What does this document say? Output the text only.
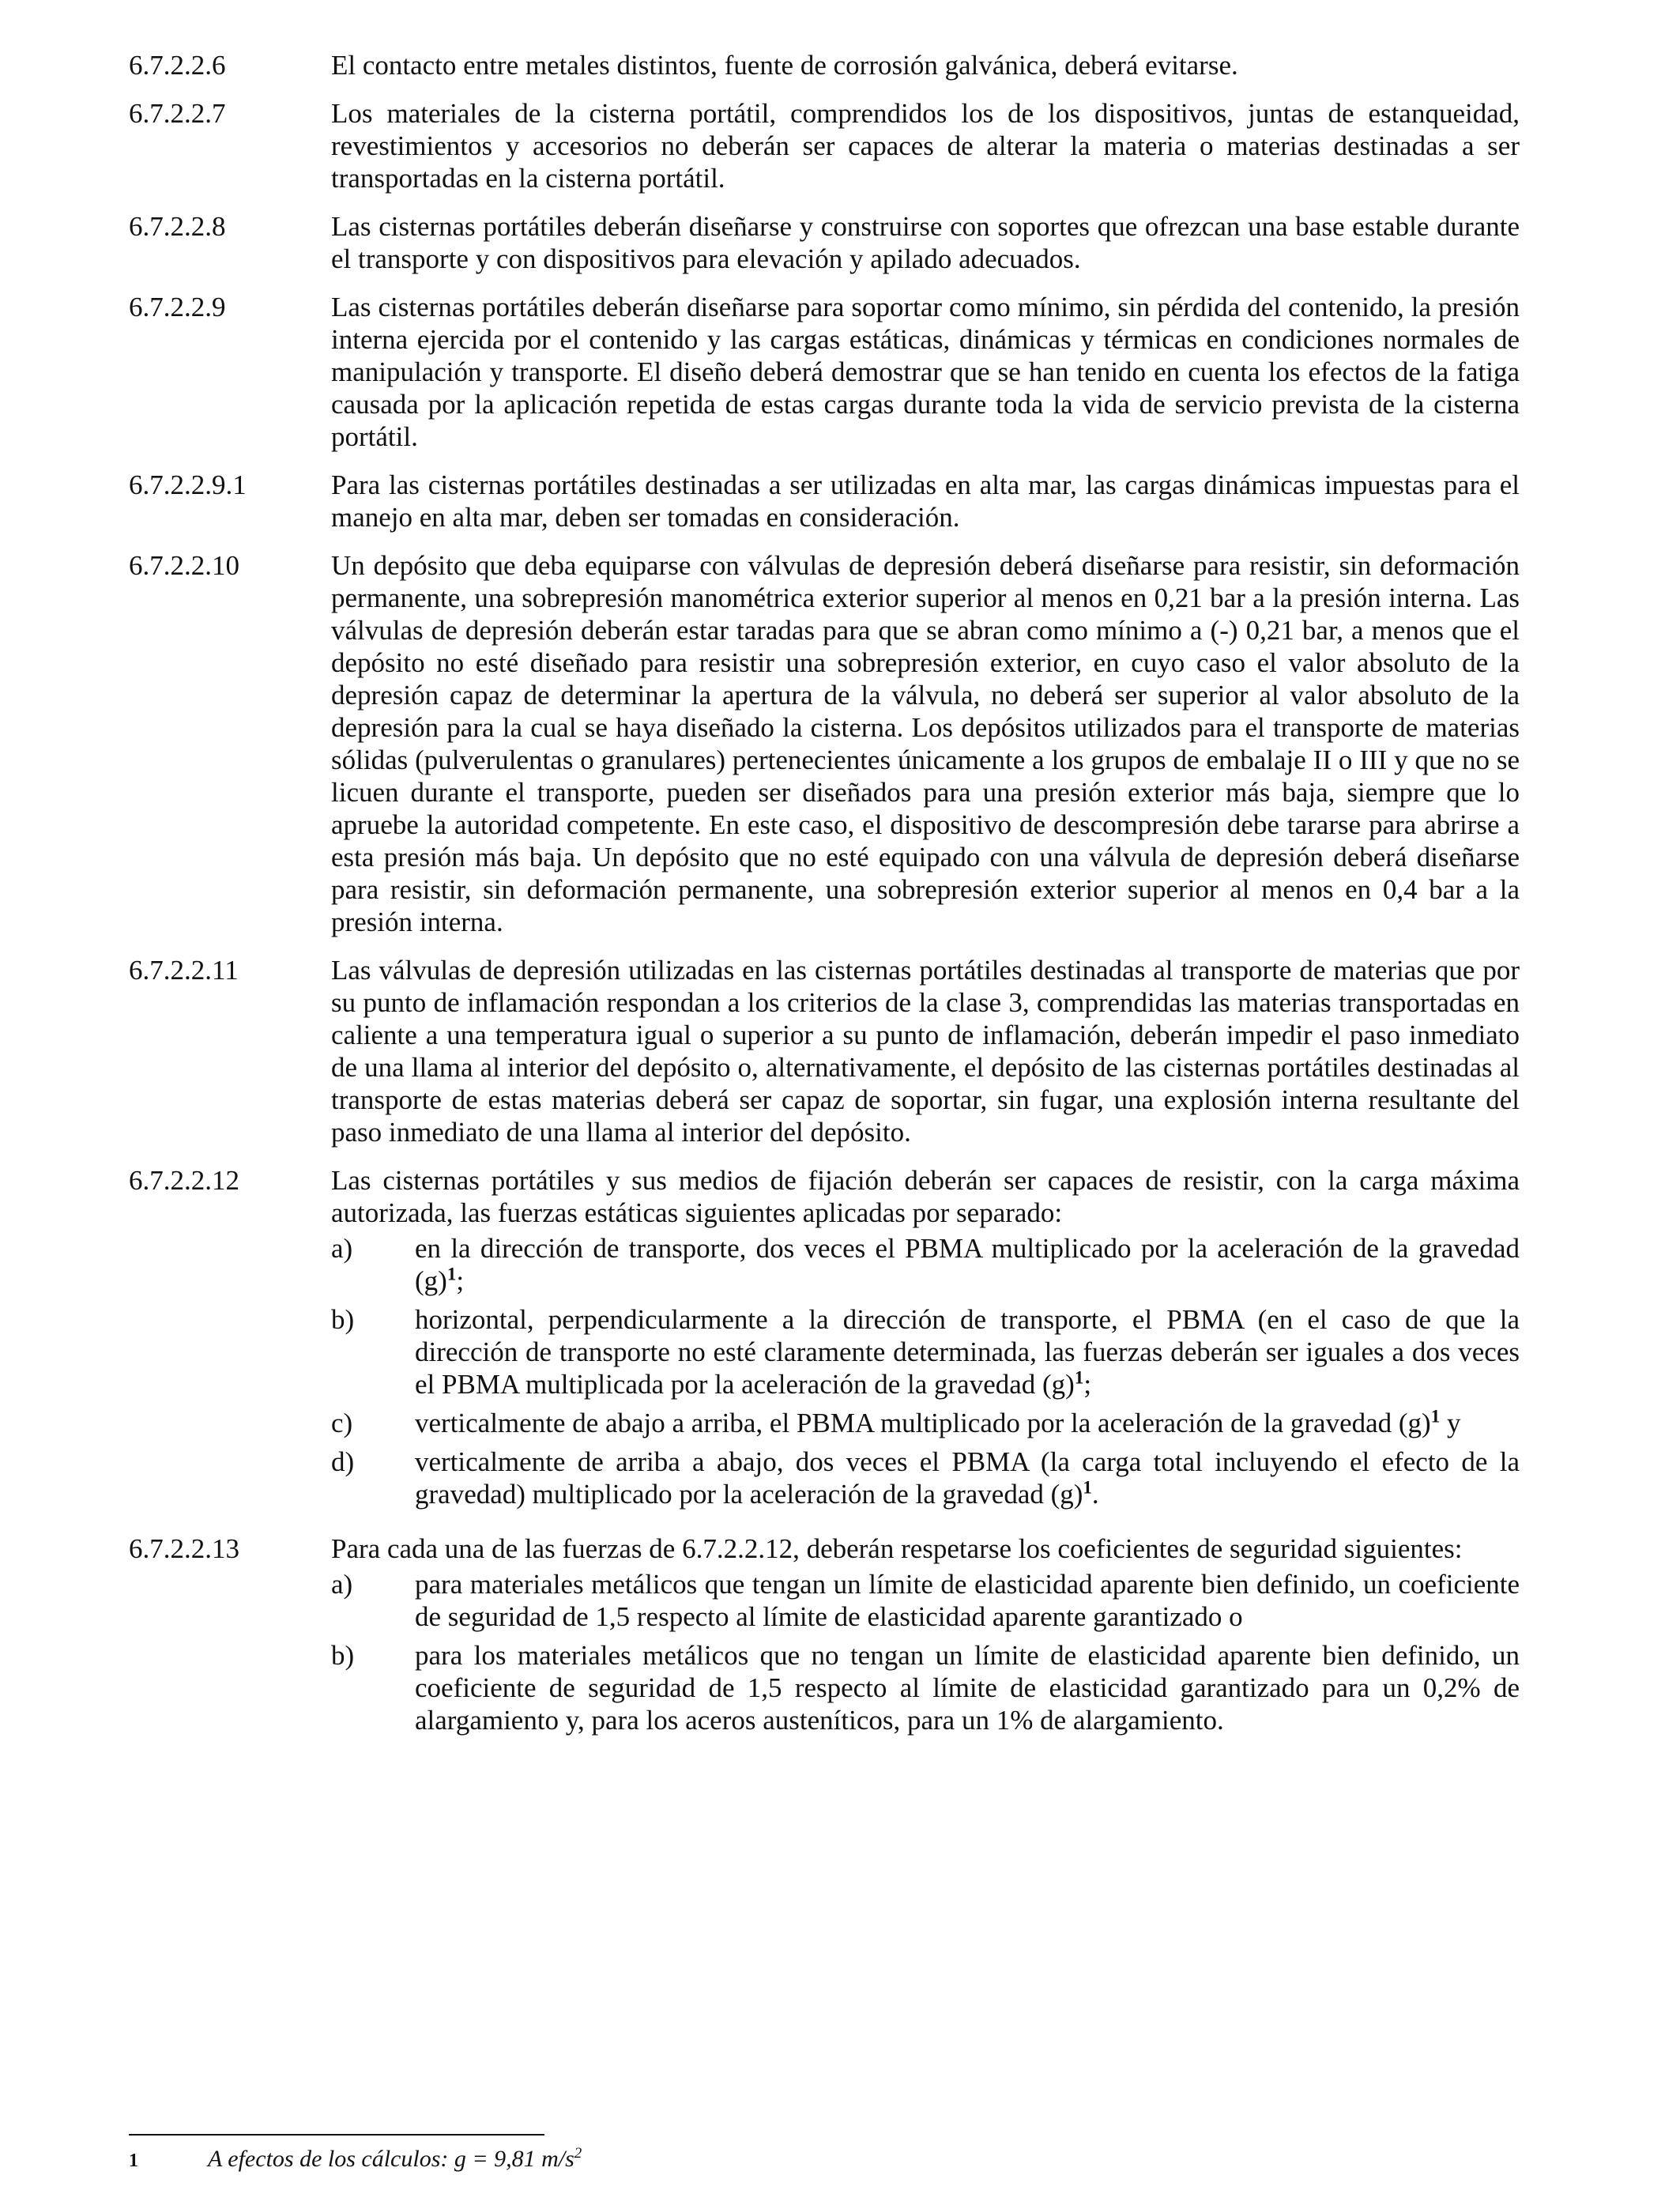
6.7.2.2.6	El contacto entre metales distintos, fuente de corrosión galvánica, deberá evitarse.
6.7.2.2.7	Los materiales de la cisterna portátil, comprendidos los de los dispositivos, juntas de estanqueidad, revestimientos y accesorios no deberán ser capaces de alterar la materia o materias destinadas a ser transportadas en la cisterna portátil.
6.7.2.2.8	Las cisternas portátiles deberán diseñarse y construirse con soportes que ofrezcan una base estable durante el transporte y con dispositivos para elevación y apilado adecuados.
6.7.2.2.9	Las cisternas portátiles deberán diseñarse para soportar como mínimo, sin pérdida del contenido, la presión interna ejercida por el contenido y las cargas estáticas, dinámicas y térmicas en condiciones normales de manipulación y transporte. El diseño deberá demostrar que se han tenido en cuenta los efectos de la fatiga causada por la aplicación repetida de estas cargas durante toda la vida de servicio prevista de la cisterna portátil.
6.7.2.2.9.1	Para las cisternas portátiles destinadas a ser utilizadas en alta mar, las cargas dinámicas impuestas para el manejo en alta mar, deben ser tomadas en consideración.
6.7.2.2.10	Un depósito que deba equiparse con válvulas de depresión deberá diseñarse para resistir, sin deformación permanente, una sobrepresión manométrica exterior superior al menos en 0,21 bar a la presión interna. Las válvulas de depresión deberán estar taradas para que se abran como mínimo a (-) 0,21 bar, a menos que el depósito no esté diseñado para resistir una sobrepresión exterior, en cuyo caso el valor absoluto de la depresión capaz de determinar la apertura de la válvula, no deberá ser superior al valor absoluto de la depresión para la cual se haya diseñado la cisterna. Los depósitos utilizados para el transporte de materias sólidas (pulverulentas o granulares) pertenecientes únicamente a los grupos de embalaje II o III y que no se licuen durante el transporte, pueden ser diseñados para una presión exterior más baja, siempre que lo apruebe la autoridad competente. En este caso, el dispositivo de descompresión debe tararse para abrirse a esta presión más baja. Un depósito que no esté equipado con una válvula de depresión deberá diseñarse para resistir, sin deformación permanente, una sobrepresión exterior superior al menos en 0,4 bar a la presión interna.
6.7.2.2.11	Las válvulas de depresión utilizadas en las cisternas portátiles destinadas al transporte de materias que por su punto de inflamación respondan a los criterios de la clase 3, comprendidas las materias transportadas en caliente a una temperatura igual o superior a su punto de inflamación, deberán impedir el paso inmediato de una llama al interior del depósito o, alternativamente, el depósito de las cisternas portátiles destinadas al transporte de estas materias deberá ser capaz de soportar, sin fugar, una explosión interna resultante del paso inmediato de una llama al interior del depósito.
6.7.2.2.12	Las cisternas portátiles y sus medios de fijación deberán ser capaces de resistir, con la carga máxima autorizada, las fuerzas estáticas siguientes aplicadas por separado:
a)	en la dirección de transporte, dos veces el PBMA multiplicado por la aceleración de la gravedad $(g)^1$;
b)	horizontal, perpendicularmente a la dirección de transporte, el PBMA (en el caso de que la dirección de transporte no esté claramente determinada, las fuerzas deberán ser iguales a dos veces el PBMA multiplicada por la aceleración de la gravedad $(g)^1$;
c)	verticalmente de abajo a arriba, el PBMA multiplicado por la aceleración de la gravedad $(g)^1$ y
d)	verticalmente de arriba a abajo, dos veces el PBMA (la carga total incluyendo el efecto de la gravedad) multiplicado por la aceleración de la gravedad $(g)^1$.
6.7.2.2.13	Para cada una de las fuerzas de 6.7.2.2.12, deberán respetarse los coeficientes de seguridad siguientes:
a)	para materiales metálicos que tengan un límite de elasticidad aparente bien definido, un coeficiente de seguridad de 1,5 respecto al límite de elasticidad aparente garantizado o
b)	para los materiales metálicos que no tengan un límite de elasticidad aparente bien definido, un coeficiente de seguridad de 1,5 respecto al límite de elasticidad garantizado para un 0,2% de alargamiento y, para los aceros austeníticos, para un 1% de alargamiento.
1	A efectos de los cálculos: g = 9,81 $m/s^2$
